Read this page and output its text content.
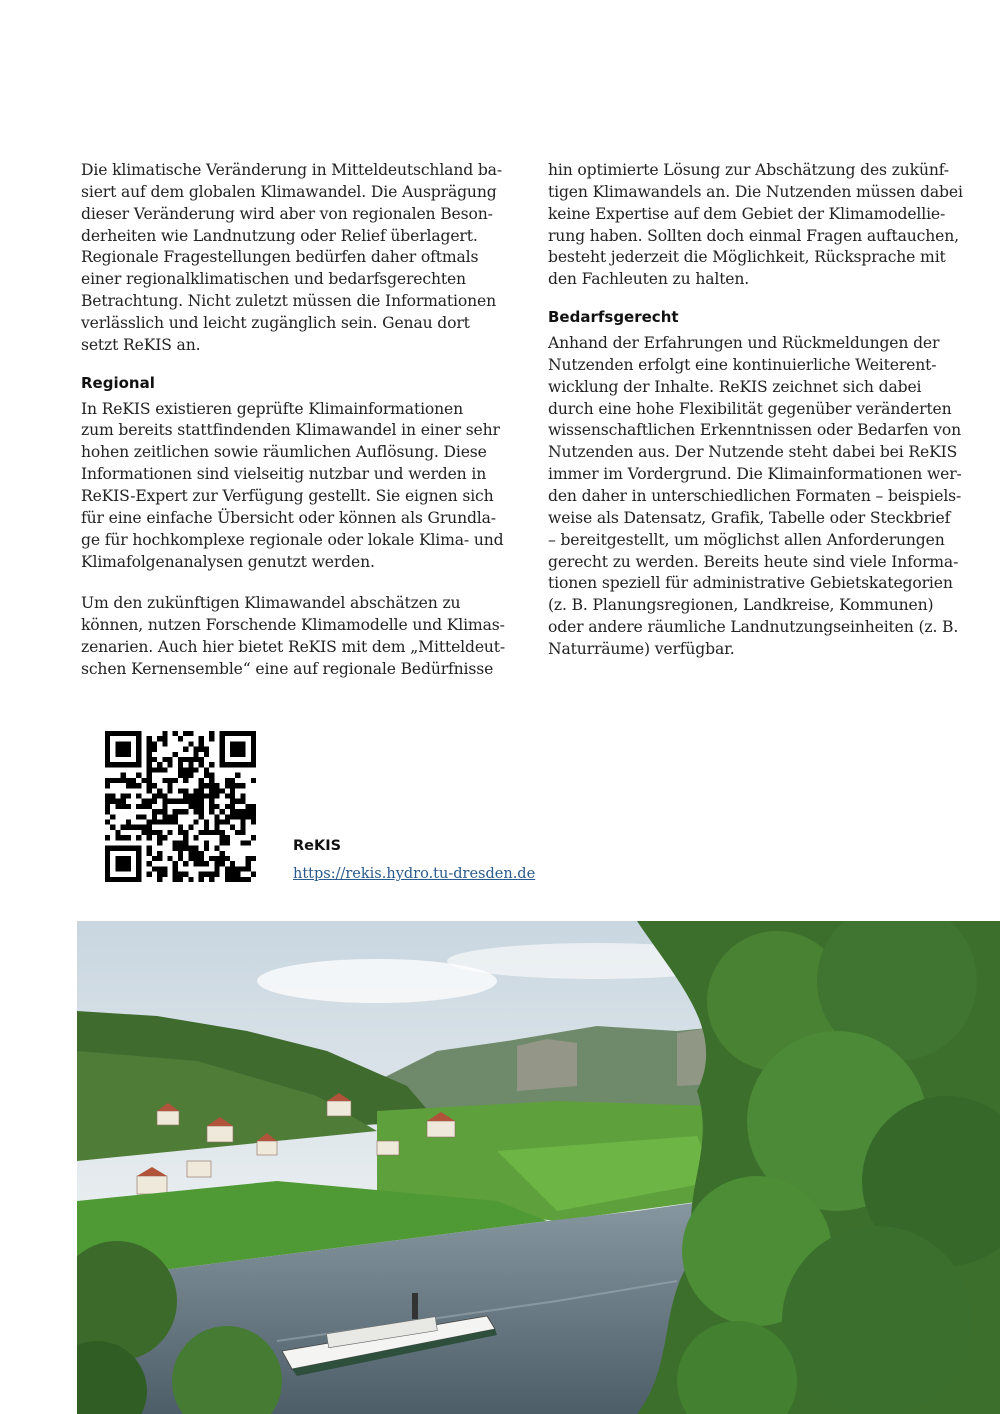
Die klimatische Veränderung in Mitteldeutschland ba-
siert auf dem globalen Klimawandel. Die Ausprägung
dieser Veränderung wird aber von regionalen Beson-
derheiten wie Landnutzung oder Relief überlagert.
Regionale Fragestellungen bedürfen daher oftmals
einer regionalklimatischen und bedarfsgerechten
Betrachtung. Nicht zuletzt müssen die Informationen
verlässlich und leicht zugänglich sein. Genau dort
setzt ReKIS an.
Regional
In ReKIS existieren geprüfte Klimainformationen
zum bereits stattfindenden Klimawandel in einer sehr
hohen zeitlichen sowie räumlichen Auflösung. Diese
Informationen sind vielseitig nutzbar und werden in
ReKIS-Expert zur Verfügung gestellt. Sie eignen sich
für eine einfache Übersicht oder können als Grundla-
ge für hochkomplexe regionale oder lokale Klima- und
Klimafolgenanalysen genutzt werden.
Um den zukünftigen Klimawandel abschätzen zu
können, nutzen Forschende Klimamodelle und Klimas-
zenarien. Auch hier bietet ReKIS mit dem „Mitteldeut-
schen Kernensemble“ eine auf regionale Bedürfnisse
hin optimierte Lösung zur Abschätzung des zukünf-
tigen Klimawandels an. Die Nutzenden müssen dabei
keine Expertise auf dem Gebiet der Klimamodellie-
rung haben. Sollten doch einmal Fragen auftauchen,
besteht jederzeit die Möglichkeit, Rücksprache mit
den Fachleuten zu halten.
Bedarfsgerecht
Anhand der Erfahrungen und Rückmeldungen der
Nutzenden erfolgt eine kontinuierliche Weiterent-
wicklung der Inhalte. ReKIS zeichnet sich dabei
durch eine hohe Flexibilität gegenüber veränderten
wissenschaftlichen Erkenntnissen oder Bedarfen von
Nutzenden aus. Der Nutzende steht dabei bei ReKIS
immer im Vordergrund. Die Klimainformationen wer-
den daher in unterschiedlichen Formaten – beispiels-
weise als Datensatz, Grafik, Tabelle oder Steckbrief
– bereitgestellt, um möglichst allen Anforderungen
gerecht zu werden. Bereits heute sind viele Informa-
tionen speziell für administrative Gebietskategorien
(z. B. Planungsregionen, Landkreise, Kommunen)
oder andere räumliche Landnutzungseinheiten (z. B.
Naturräume) verfügbar.
ReKIS
https://rekis.hydro.tu-dresden.de
